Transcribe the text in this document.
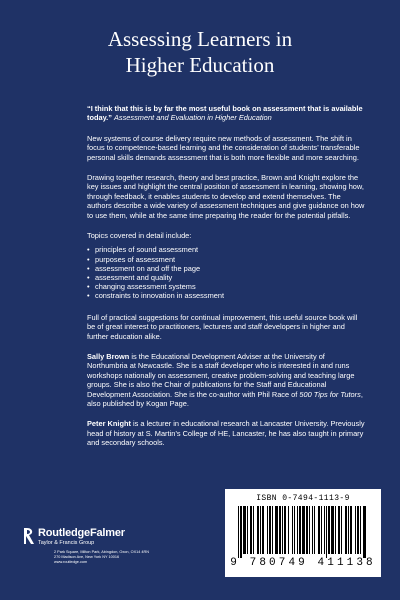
Assessing Learners in
Higher Education

“I think that this is by far the most useful book on assessment that is available today.” Assessment and Evaluation in Higher Education

New systems of course delivery require new methods of assessment. The shift in focus to competence-based learning and the consideration of students’ transferable personal skills demands assessment that is both more flexible and more searching.

Drawing together research, theory and best practice, Brown and Knight explore the key issues and highlight the central position of assessment in learning, showing how, through feedback, it enables students to develop and extend themselves. The authors describe a wide variety of assessment techniques and give guidance on how to use them, while at the same time preparing the reader for the potential pitfalls.

Topics covered in detail include:

• principles of sound assessment
• purposes of assessment
• assessment on and off the page
• assessment and quality
• changing assessment systems
• constraints to innovation in assessment

Full of practical suggestions for continual improvement, this useful source book will be of great interest to practitioners, lecturers and staff developers in higher and further education alike.

Sally Brown is the Educational Development Adviser at the University of Northumbria at Newcastle. She is a staff developer who is interested in and runs workshops nationally on assessment, creative problem-solving and teaching large groups. She is also the Chair of publications for the Staff and Educational Development Association. She is the co-author with Phil Race of 500 Tips for Tutors, also published by Kogan Page.

Peter Knight is a lecturer in educational research at Lancaster University. Previously head of history at S. Martin’s College of HE, Lancaster, he has also taught in primary and secondary schools.

RoutledgeFalmer
Taylor & Francis Group
2 Park Square, Milton Park, Abingdon, Oxon, OX14 4RN
270 Madison Ave, New York NY 10016
www.routledge.com
ISBN 0-7494-1113-9
9 780749 411138
